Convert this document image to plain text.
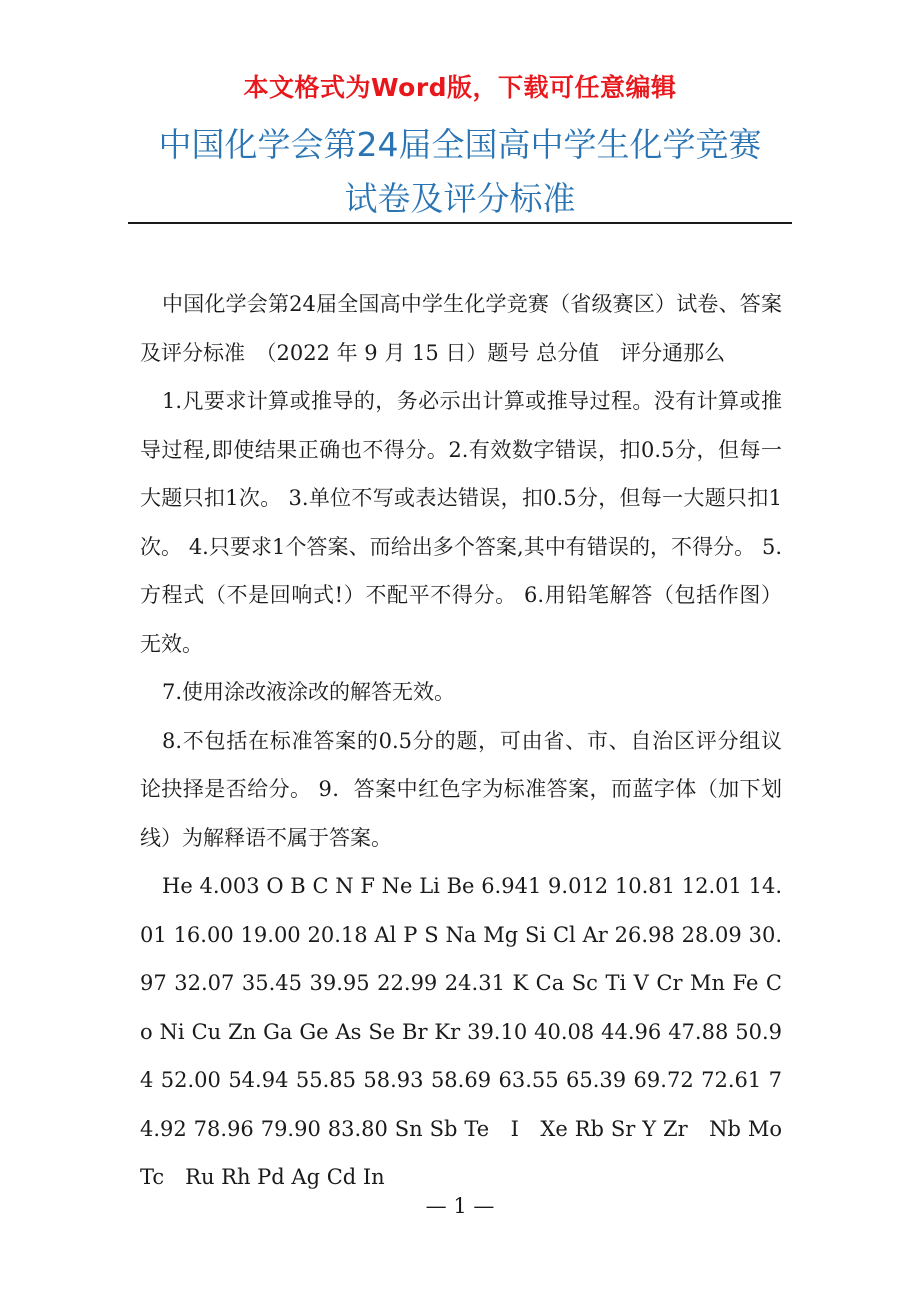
本文格式为Word版，下载可任意编辑
中国化学会第24届全国高中学生化学竞赛
试卷及评分标准

中国化学会第24届全国高中学生化学竞赛（省级赛区）试卷、答案及评分标准　（2022 年 9 月 15 日）题号 总分值　评分通那么

1.凡要求计算或推导的，务必示出计算或推导过程。没有计算或推导过程,即使结果正确也不得分。2.有效数字错误，扣0.5分，但每一大题只扣1次。 3.单位不写或表达错误，扣0.5分，但每一大题只扣1次。 4.只要求1个答案、而给出多个答案,其中有错误的，不得分。 5.方程式（不是回响式!）不配平不得分。 6.用铅笔解答（包括作图）无效。

7.使用涂改液涂改的解答无效。

8.不包括在标准答案的0.5分的题，可由省、市、自治区评分组议论抉择是否给分。 9．答案中红色字为标准答案，而蓝字体（加下划线）为解释语不属于答案。

He 4.003 O B C N F Ne Li Be 6.941 9.012 10.81 12.01 14.01 16.00 19.00 20.18 Al P S Na Mg Si Cl Ar 26.98 28.09 30.97 32.07 35.45 39.95 22.99 24.31 K Ca Sc Ti V Cr Mn Fe Co Ni Cu Zn Ga Ge As Se Br Kr 39.10 40.08 44.96 47.88 50.94 52.00 54.94 55.85 58.93 58.69 63.55 65.39 69.72 72.61 74.92 78.96 79.90 83.80 Sn Sb Te　I　Xe Rb Sr Y Zr　Nb Mo　Tc　Ru Rh Pd Ag Cd In

— 1 —
